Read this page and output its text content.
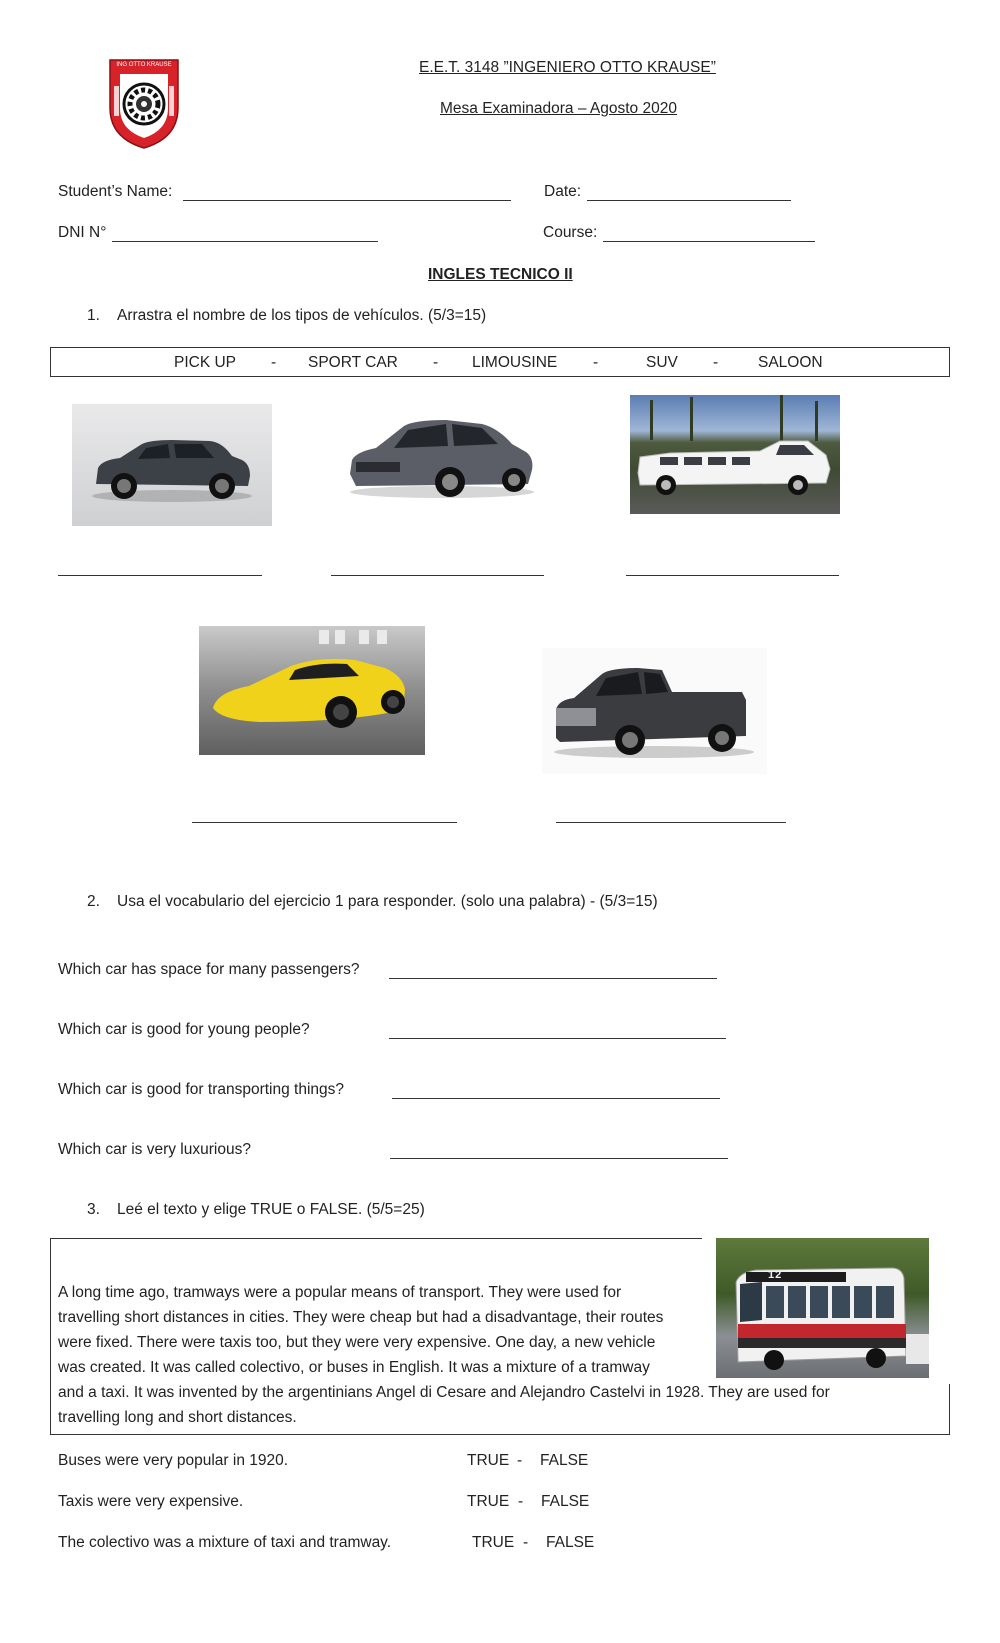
ING OTTO KRAUSE	E.E.T. 3148 ”INGENIERO OTTO KRAUSE”
Mesa Examinadora – Agosto 2020
Student’s Name:	Date:
DNI N°	Course:
INGLES TECNICO II
1. Arrastra el nombre de los tipos de vehículos. (5/3=15)
PICK UP - SPORT CAR - LIMOUSINE -	SUV -	SALOON
2. Usa el vocabulario del ejercicio 1 para responder. (solo una palabra) - (5/3=15)
Which car has space for many passengers?
Which car is good for young people?
Which car is good for transporting things?
Which car is very luxurious?
3. Leé el texto y elige TRUE o FALSE. (5/5=25)
12
A long time ago, tramways were a popular means of transport. They were used for
travelling short distances in cities. They were cheap but had a disadvantage, their routes
were fixed. There were taxis too, but they were very expensive. One day, a new vehicle
was created. It was called colectivo, or buses in English. It was a mixture of a tramway
and a taxi. It was invented by the argentinians Angel di Cesare and Alejandro Castelvi in 1928. They are used for
travelling long and short distances.
Buses were very popular in 1920.	TRUE - FALSE
Taxis were very expensive.	TRUE - FALSE
The colectivo was a mixture of taxi and tramway.	TRUE - FALSE
